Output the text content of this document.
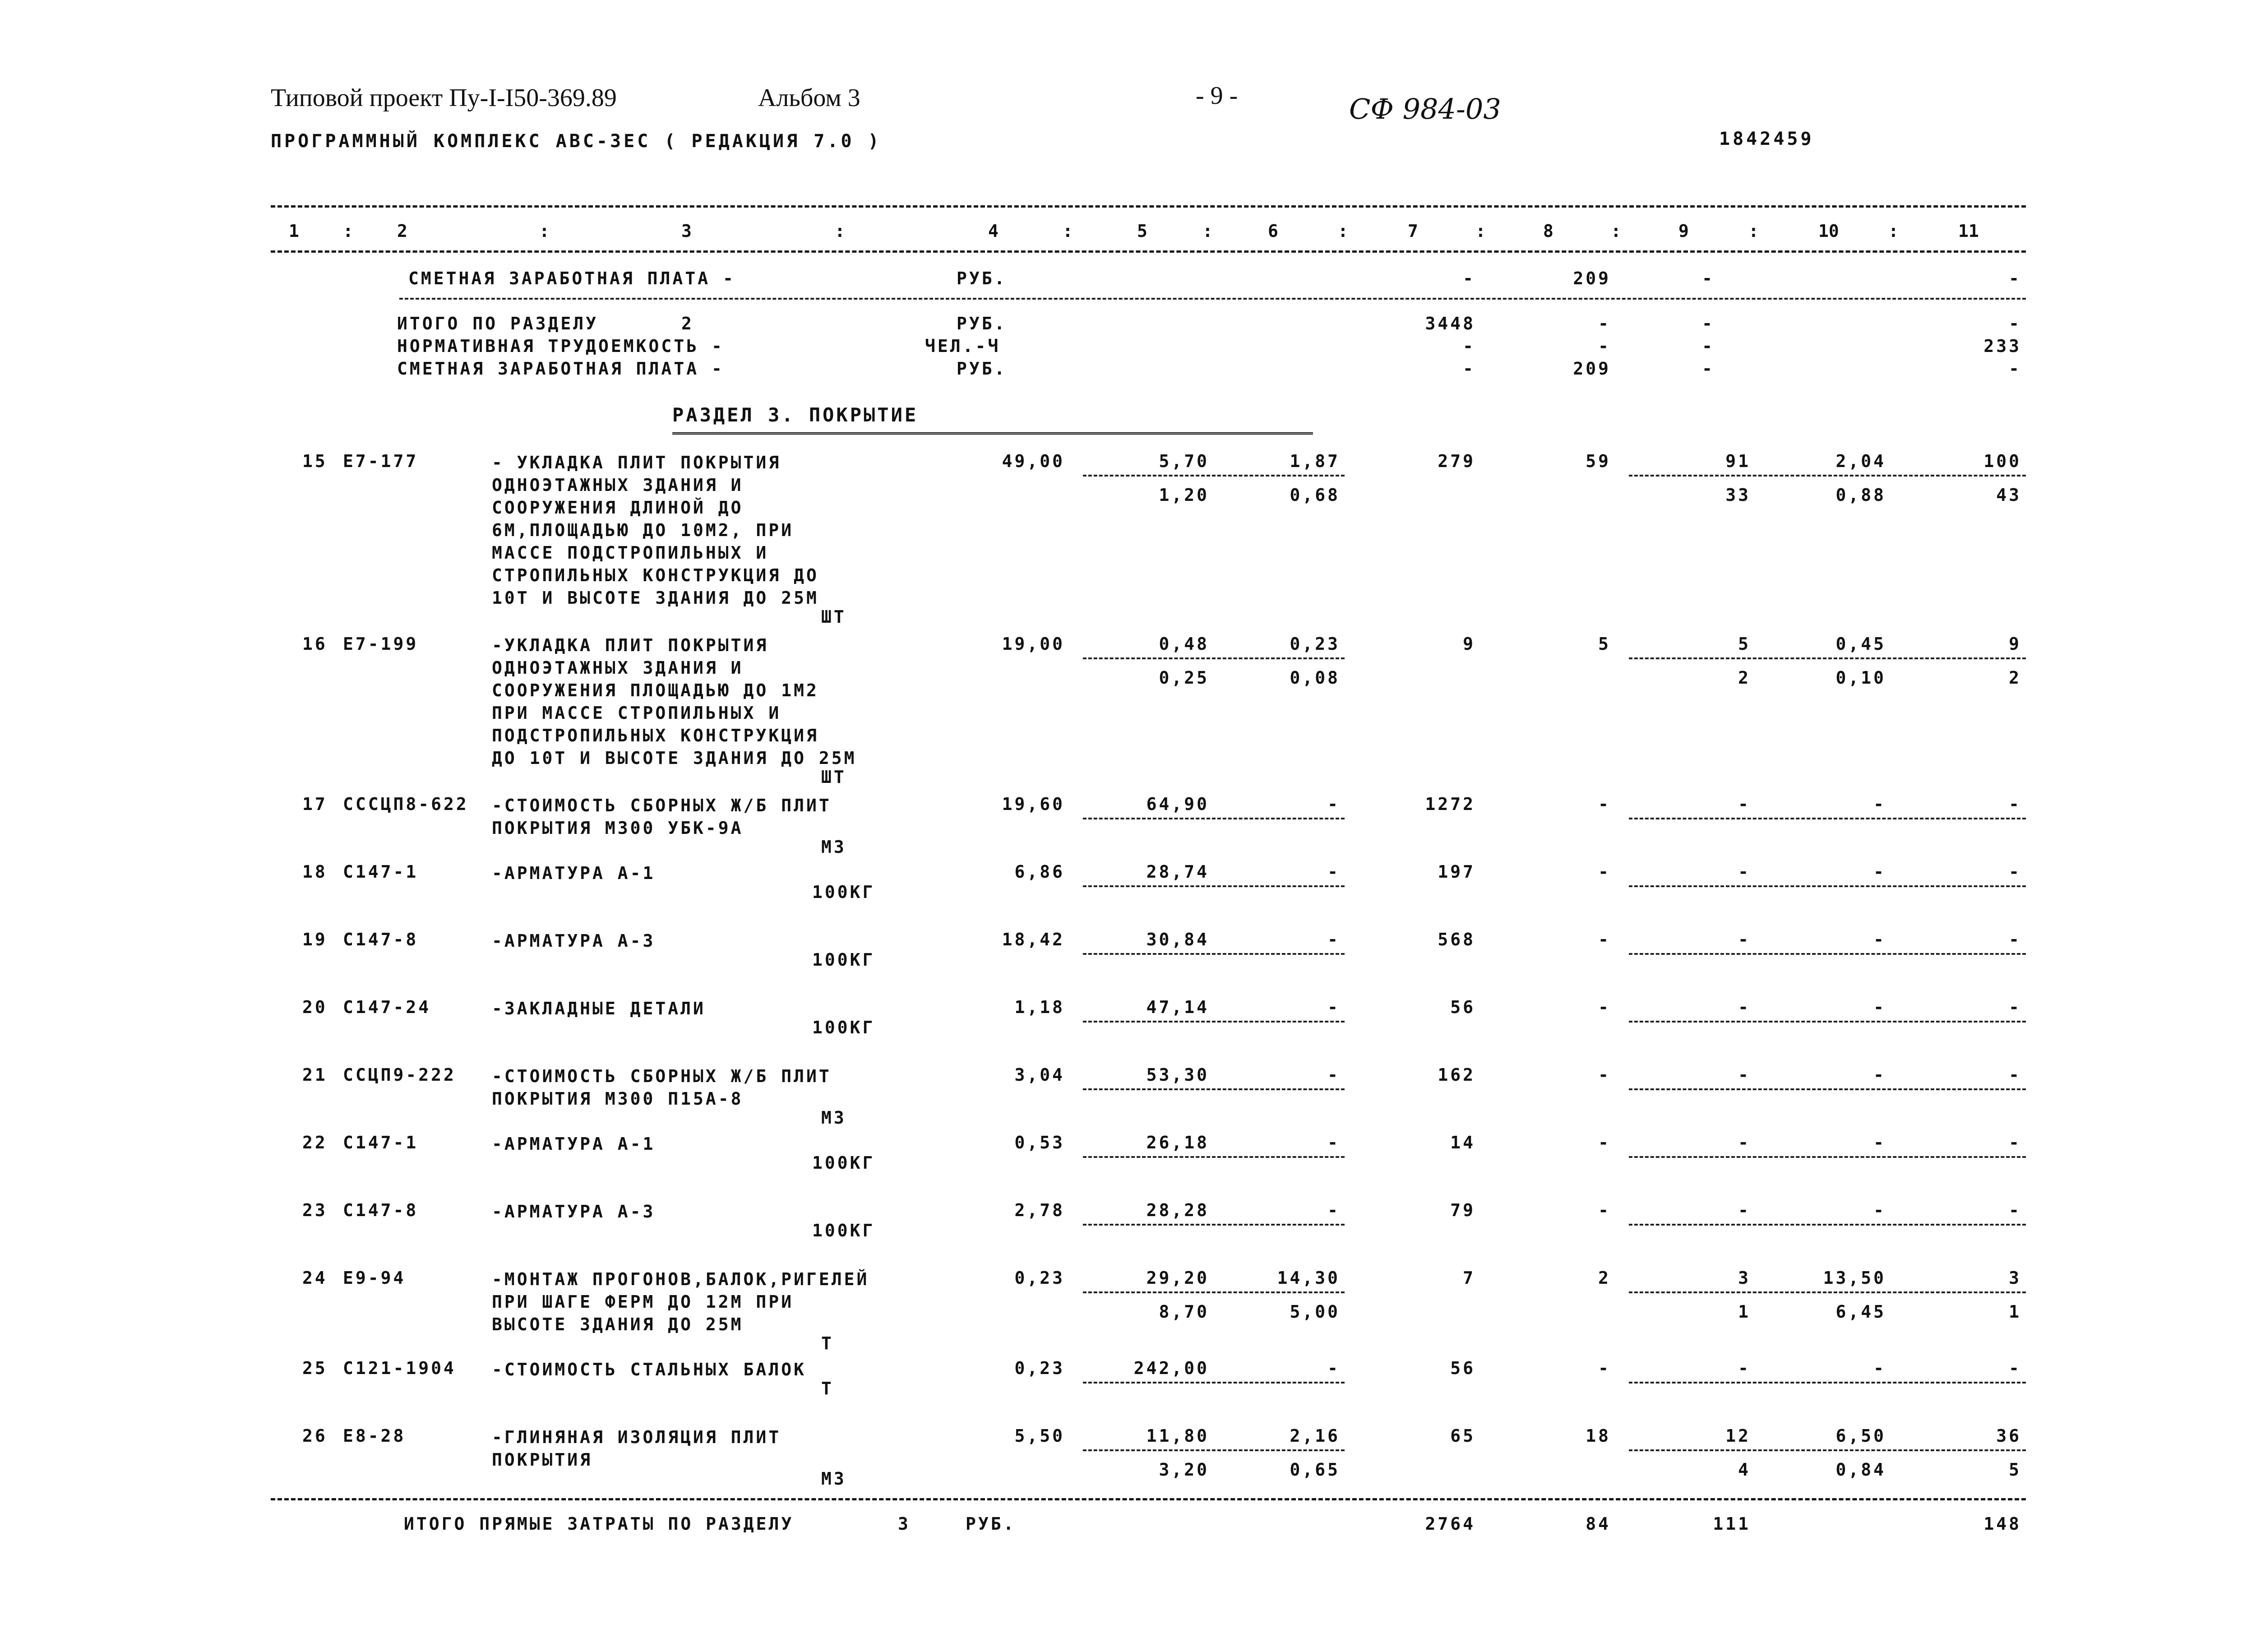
Типовой проект Пу-I-I50-369.89	Альбом 3	- 9 -	СФ 984-03
ПРОГРАММНЫЙ КОМПЛЕКС АВС-3ЕС ( РЕДАКЦИЯ 7.0 )	1842459
1	:	2	:	3	:	4	:	5	:	6	:	7	:	8	:	9	:	10	:	11
СМЕТНАЯ ЗАРАБОТНАЯ ПЛАТА -	РУБ.	-	209	-	-
ИТОГО ПО РАЗДЕЛУ	2	РУБ.	3448	-	-	-
НОРМАТИВНАЯ ТРУДОЕМКОСТЬ -	ЧЕЛ.-Ч	-	-	-	233
СМЕТНАЯ ЗАРАБОТНАЯ ПЛАТА -	РУБ.	-	209	-	-
РАЗДЕЛ 3. ПОКРЫТИЕ
15 Е7-177	- УКЛАДКА ПЛИТ ПОКРЫТИЯ
ОДНОЭТАЖНЫХ ЗДАНИЯ И
СООРУЖЕНИЯ ДЛИНОЙ ДО
6М,ПЛОЩАДЬЮ ДО 10М2, ПРИ
МАССЕ ПОДСТРОПИЛЬНЫХ И
СТРОПИЛЬНЫХ КОНСТРУКЦИЯ ДО
10Т И ВЫСОТЕ ЗДАНИЯ ДО 25М
ШТ
49,00	5,70	1,87	279	59	91	2,04	100
1,20	0,68	33	0,88	43
16 Е7-199	-УКЛАДКА ПЛИТ ПОКРЫТИЯ
ОДНОЭТАЖНЫХ ЗДАНИЯ И
СООРУЖЕНИЯ ПЛОЩАДЬЮ ДО 1М2
ПРИ МАССЕ СТРОПИЛЬНЫХ И
ПОДСТРОПИЛЬНЫХ КОНСТРУКЦИЯ
ДО 10Т И ВЫСОТЕ ЗДАНИЯ ДО 25М
ШТ
19,00	0,48	0,23	9	5	5	0,45	9
0,25	0,08	2	0,10	2
17 СССЦП8-622 -СТОИМОСТЬ СБОРНЫХ Ж/Б ПЛИТ
ПОКРЫТИЯ М300 УБК-9А
М3
19,60	64,90	-	1272	-	-	-	-
18 С147-1	-АРМАТУРА А-1
100КГ
6,86	28,74	-	197	-	-	-	-
19 С147-8	-АРМАТУРА А-3
100КГ
18,42	30,84	-	568	-	-	-	-
20 С147-24	-ЗАКЛАДНЫЕ ДЕТАЛИ
100КГ
1,18	47,14	-	56	-	-	-	-
21 ССЦП9-222 -СТОИМОСТЬ СБОРНЫХ Ж/Б ПЛИТ
ПОКРЫТИЯ М300 П15А-8
М3
3,04	53,30	-	162	-	-	-	-
22 С147-1	-АРМАТУРА А-1
100КГ
0,53	26,18	-	14	-	-	-	-
23 С147-8	-АРМАТУРА А-3
100КГ
2,78	28,28	-	79	-	-	-	-
24 Е9-94	-МОНТАЖ ПРОГОНОВ,БАЛОК,РИГЕЛЕЙ
ПРИ ШАГЕ ФЕРМ ДО 12М ПРИ
ВЫСОТЕ ЗДАНИЯ ДО 25М
Т
0,23	29,20	14,30	7	2	3	13,50	3
8,70	5,00	1	6,45	1
25 С121-1904 -СТОИМОСТЬ СТАЛЬНЫХ БАЛОК
Т
0,23	242,00	-	56	-	-	-	-
26 Е8-28	-ГЛИНЯНАЯ ИЗОЛЯЦИЯ ПЛИТ
ПОКРЫТИЯ
М3
5,50	11,80	2,16	65	18	12	6,50	36
3,20	0,65	4	0,84	5
ИТОГО ПРЯМЫЕ ЗАТРАТЫ ПО РАЗДЕЛУ	3	РУБ.	2764	84	111	148
